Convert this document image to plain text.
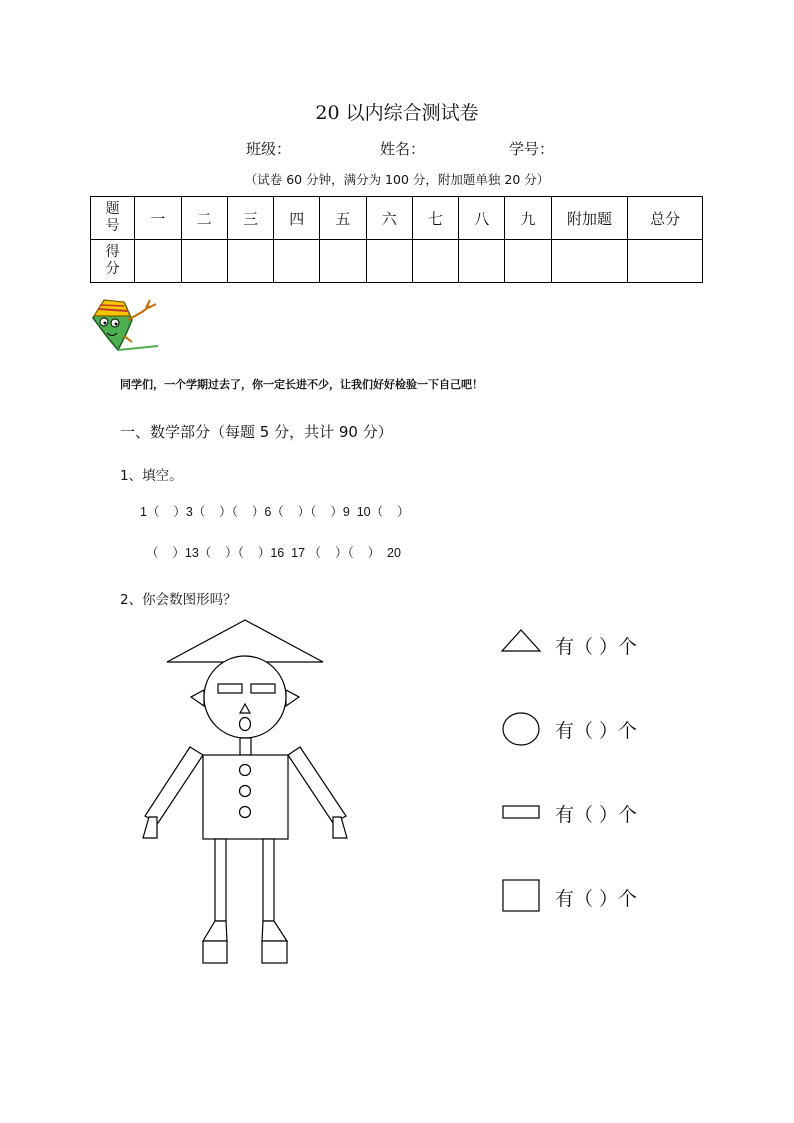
20 以内综合测试卷
班级：	姓名：	学号：
（试卷 60 分钟，满分为 100 分，附加题单独 20 分）
题
号	一	二	三	四	五	六	七	八	九	附加题	总分
得
分											
同学们，一个学期过去了，你一定长进不少，让我们好好检验一下自己吧！
一、数学部分（每题 5 分，共计 90 分）
1、填空。
1（    ）3（    ）（    ）6（    ）（    ）9  10（    ）
（    ）13（    ）（    ）16  17 （    ）（    ）  20
2、你会数图形吗？
有（ ）个
有（ ）个
有（ ）个
有（ ）个
